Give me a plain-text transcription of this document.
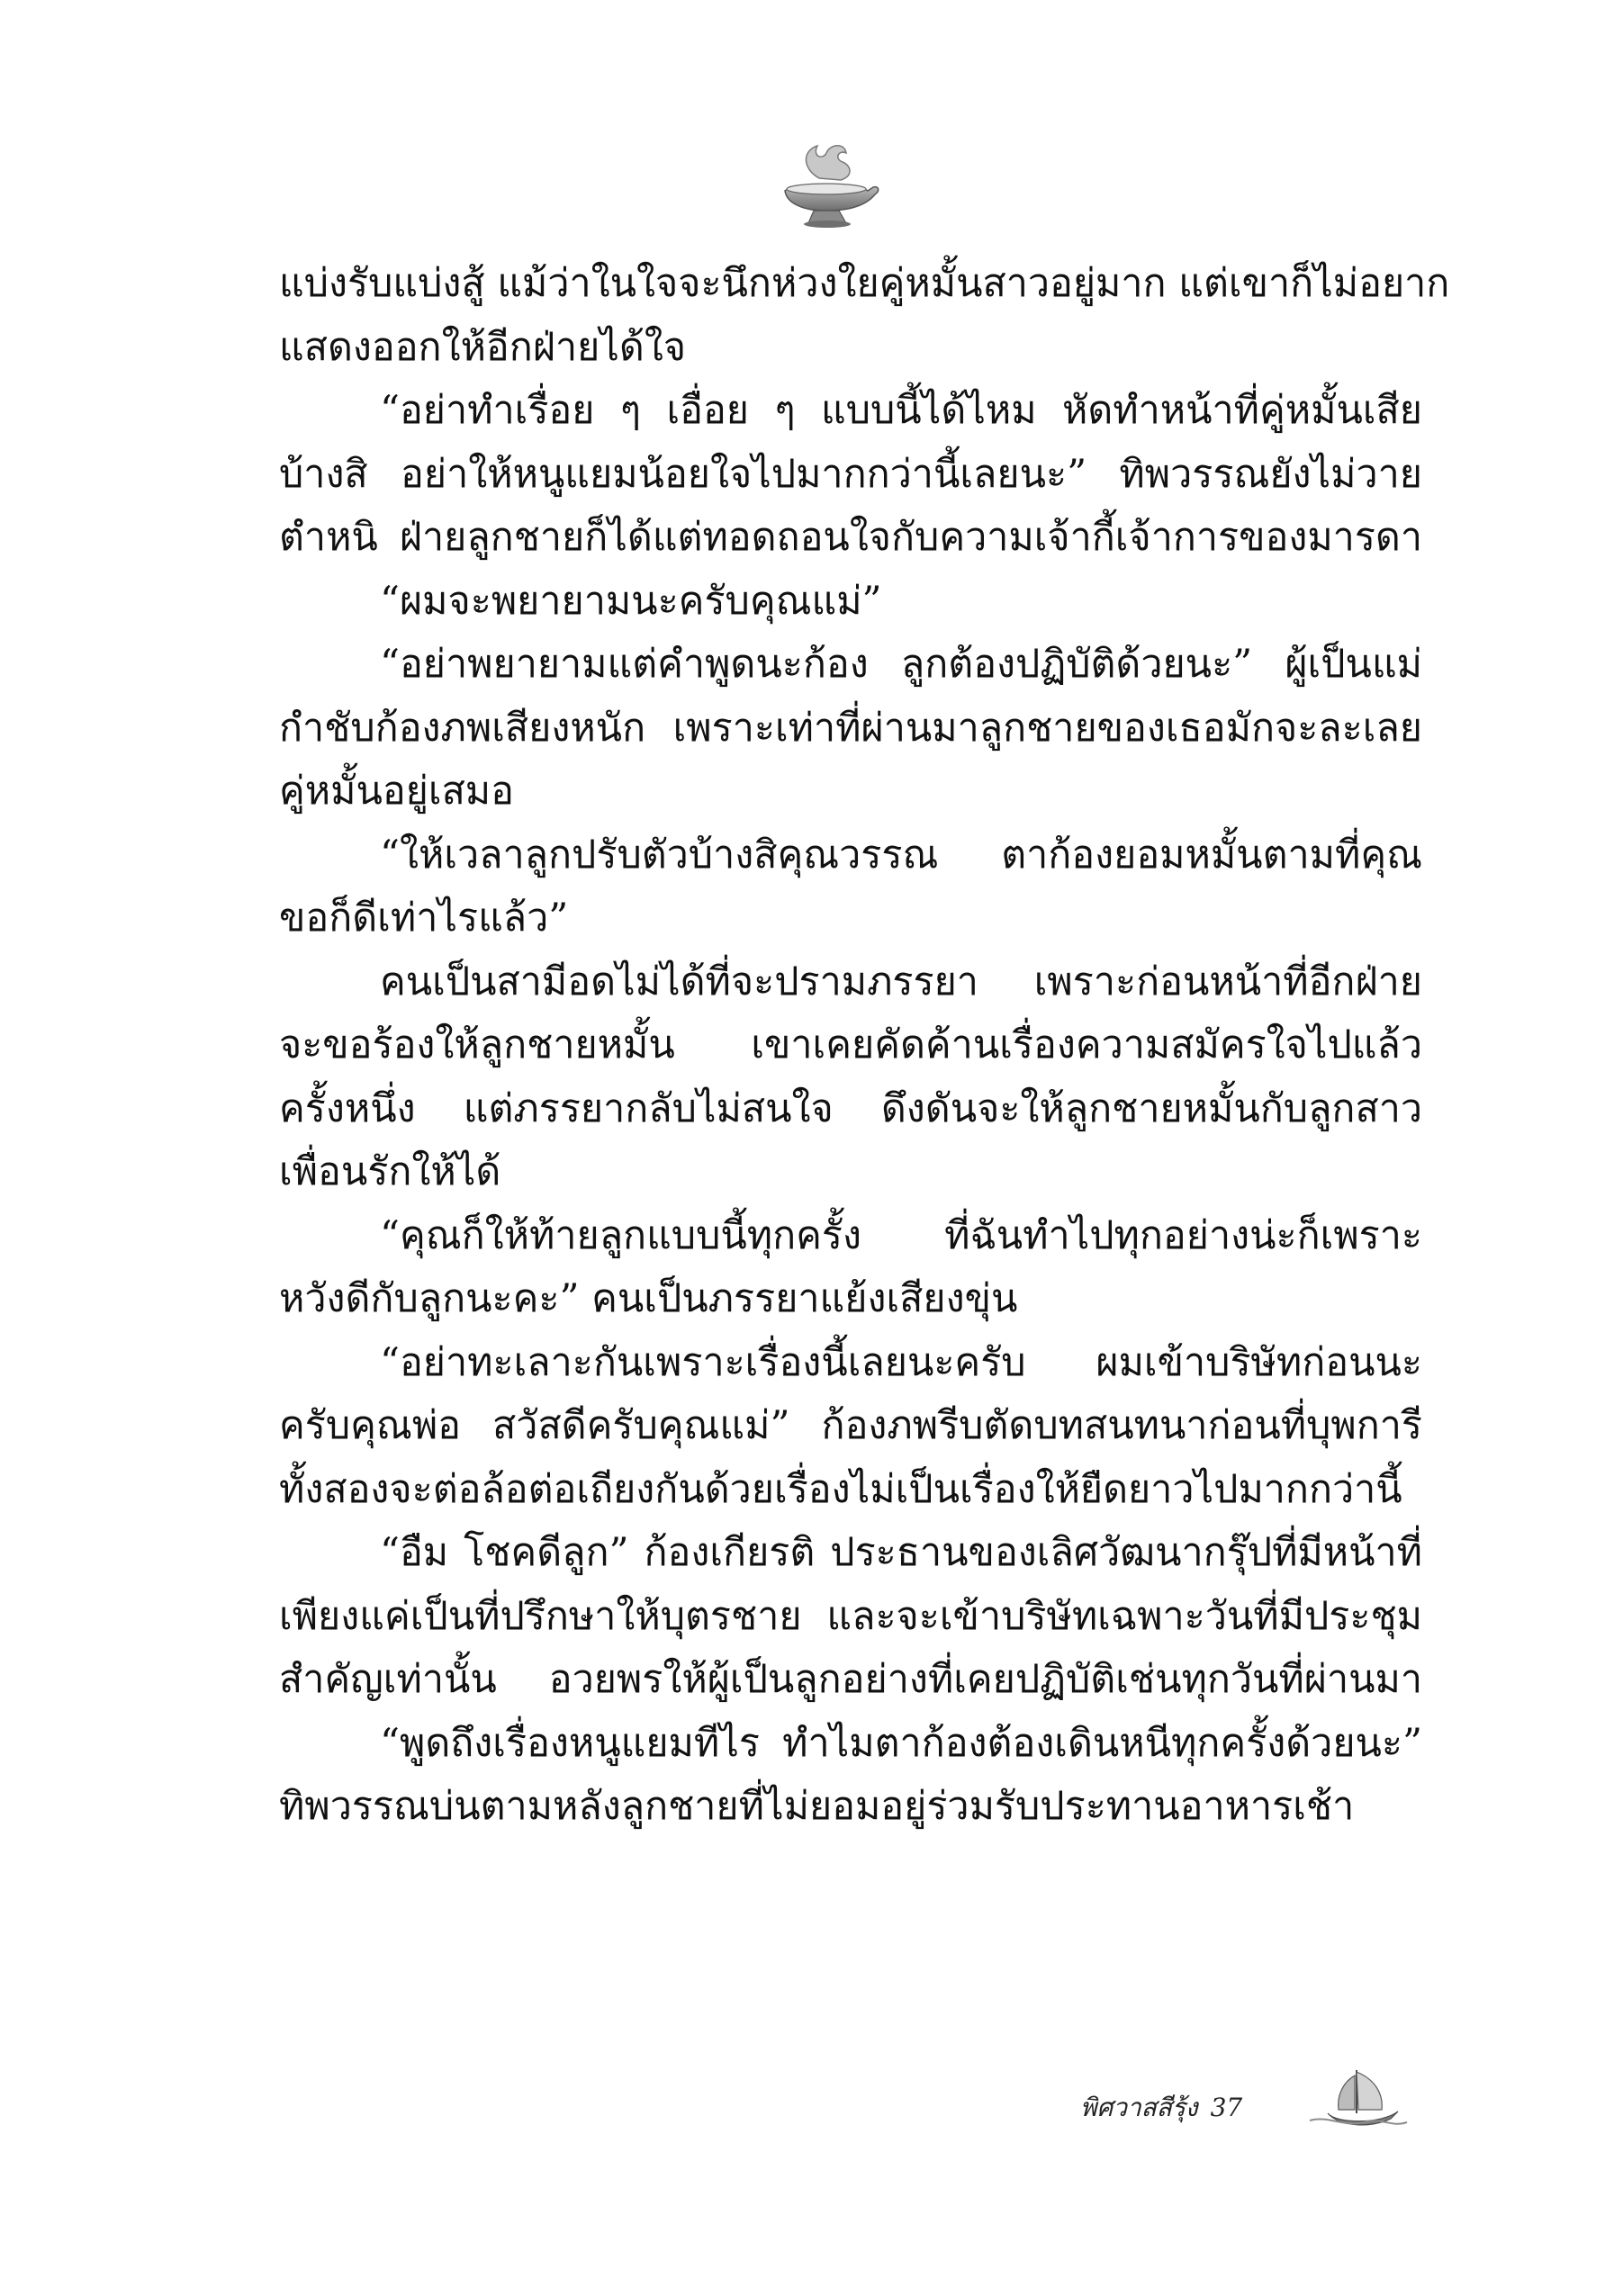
แบ่งรับแบ่งสู้ แม้ว่าในใจจะนึกห่วงใยคู่หมั้นสาวอยู่มาก แต่เขาก็ไม่อยาก
แสดงออกให้อีกฝ่ายได้ใจ
“อย่าทำเรื่อย ๆ เอื่อย ๆ แบบนี้ได้ไหม หัดทำหน้าที่คู่หมั้นเสีย
บ้างสิ อย่าให้หนูแยมน้อยใจไปมากกว่านี้เลยนะ” ทิพวรรณยังไม่วาย
ตำหนิ ฝ่ายลูกชายก็ได้แต่ทอดถอนใจกับความเจ้ากี้เจ้าการของมารดา
“ผมจะพยายามนะครับคุณแม่”
“อย่าพยายามแต่คำพูดนะก้อง ลูกต้องปฏิบัติด้วยนะ” ผู้เป็นแม่
กำชับก้องภพเสียงหนัก เพราะเท่าที่ผ่านมาลูกชายของเธอมักจะละเลย
คู่หมั้นอยู่เสมอ
“ให้เวลาลูกปรับตัวบ้างสิคุณวรรณ ตาก้องยอมหมั้นตามที่คุณ
ขอก็ดีเท่าไรแล้ว”
คนเป็นสามีอดไม่ได้ที่จะปรามภรรยา เพราะก่อนหน้าที่อีกฝ่าย
จะขอร้องให้ลูกชายหมั้น เขาเคยคัดค้านเรื่องความสมัครใจไปแล้ว
ครั้งหนึ่ง แต่ภรรยากลับไม่สนใจ ดึงดันจะให้ลูกชายหมั้นกับลูกสาว
เพื่อนรักให้ได้
“คุณก็ให้ท้ายลูกแบบนี้ทุกครั้ง ที่ฉันทำไปทุกอย่างน่ะก็เพราะ
หวังดีกับลูกนะคะ” คนเป็นภรรยาแย้งเสียงขุ่น
“อย่าทะเลาะกันเพราะเรื่องนี้เลยนะครับ ผมเข้าบริษัทก่อนนะ
ครับคุณพ่อ สวัสดีครับคุณแม่” ก้องภพรีบตัดบทสนทนาก่อนที่บุพการี
ทั้งสองจะต่อล้อต่อเถียงกันด้วยเรื่องไม่เป็นเรื่องให้ยืดยาวไปมากกว่านี้
“อืม โชคดีลูก” ก้องเกียรติ ประธานของเลิศวัฒนากรุ๊ปที่มีหน้าที่
เพียงแค่เป็นที่ปรึกษาให้บุตรชาย และจะเข้าบริษัทเฉพาะวันที่มีประชุม
สำคัญเท่านั้น อวยพรให้ผู้เป็นลูกอย่างที่เคยปฏิบัติเช่นทุกวันที่ผ่านมา
“พูดถึงเรื่องหนูแยมทีไร ทำไมตาก้องต้องเดินหนีทุกครั้งด้วยนะ”
ทิพวรรณบ่นตามหลังลูกชายที่ไม่ยอมอยู่ร่วมรับประทานอาหารเช้า
พิศวาสสีรุ้ง 37
